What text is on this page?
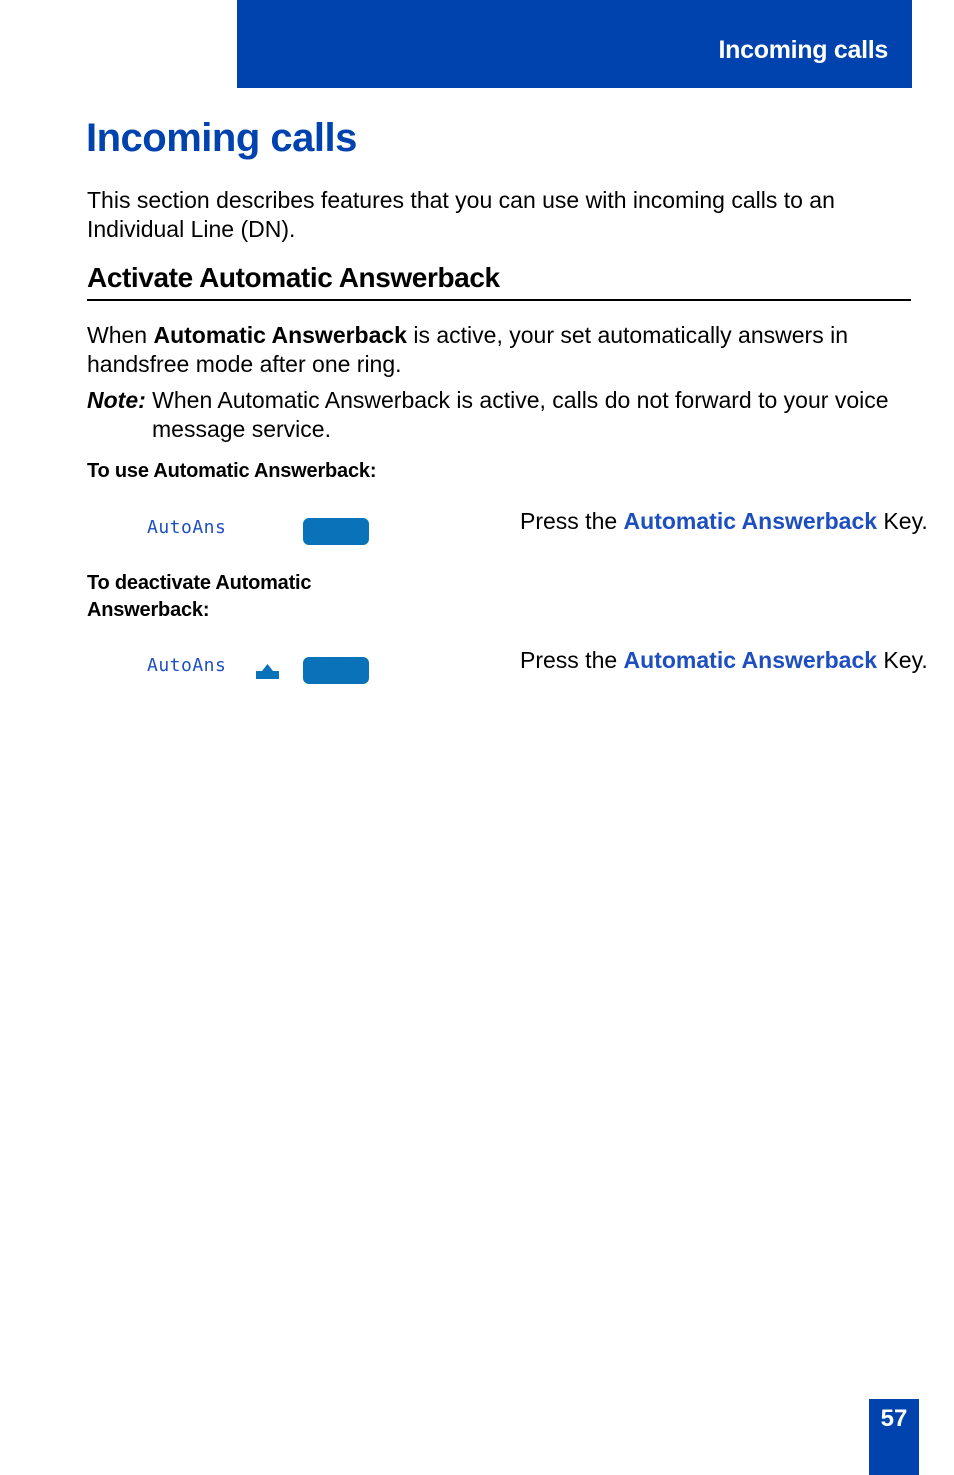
Incoming calls
Incoming calls

This section describes features that you can use with incoming calls to an Individual Line (DN).

Activate Automatic Answerback

When Automatic Answerback is active, your set automatically answers in handsfree mode after one ring.

Note: When Automatic Answerback is active, calls do not forward to your voice message service.

To use Automatic Answerback:

AutoAns	Press the Automatic Answerback Key.

To deactivate Automatic Answerback:

AutoAns	Press the Automatic Answerback Key.

57
